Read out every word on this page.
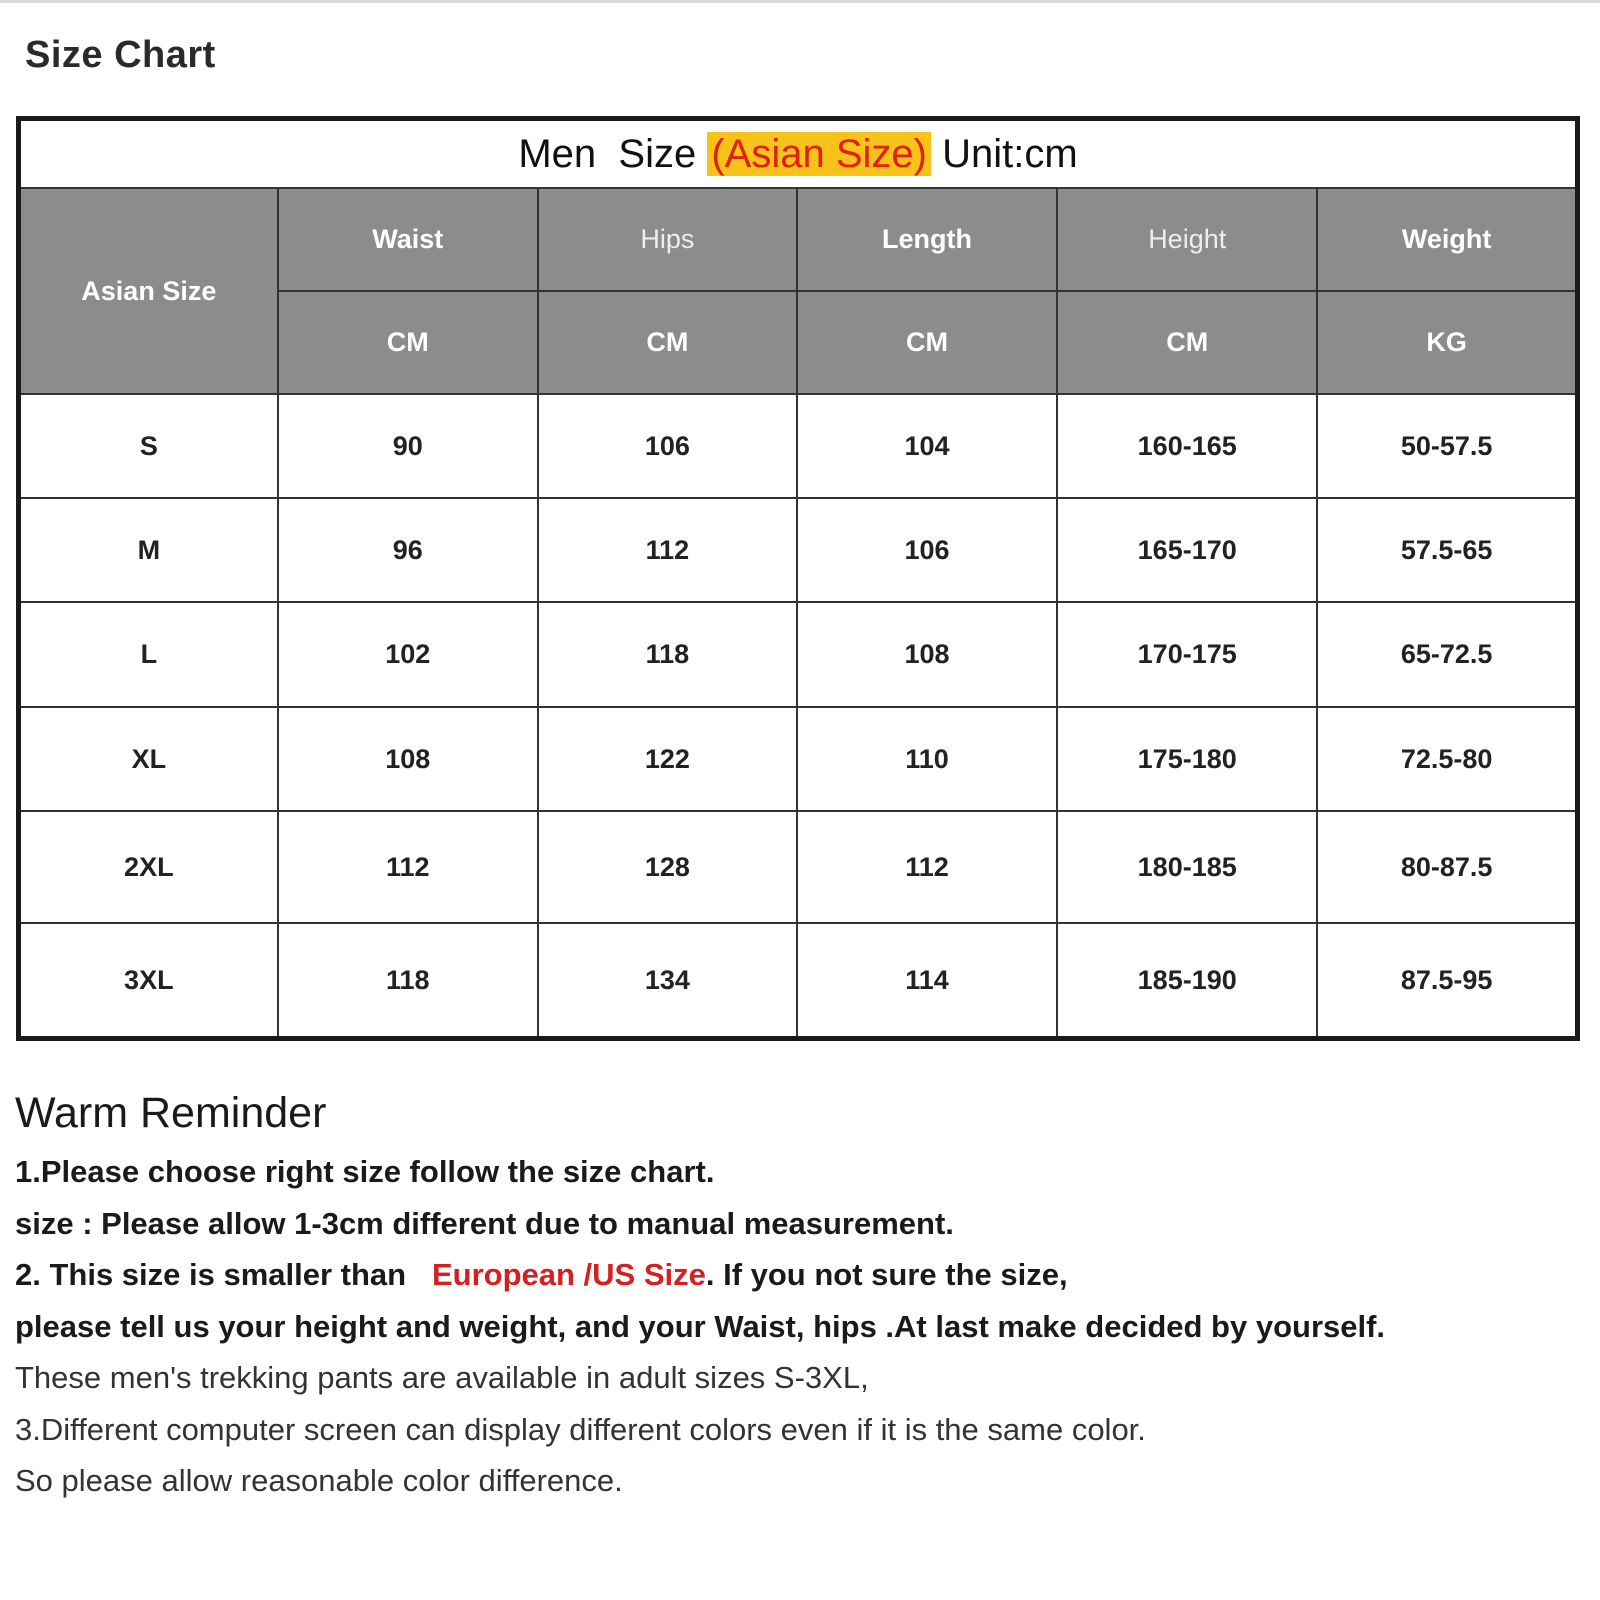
Size Chart
Men  Size (Asian Size) Unit:cm					
Asian Size	Waist	Hips	Length	Height	Weight
	CM	CM	CM	CM	KG
S	90	106	104	160-165	50-57.5
M	96	112	106	165-170	57.5-65
L	102	118	108	170-175	65-72.5
XL	108	122	110	175-180	72.5-80
2XL	112	128	112	180-185	80-87.5
3XL	118	134	114	185-190	87.5-95
Warm Reminder
1.Please choose right size follow the size chart.
size : Please allow 1-3cm different due to manual measurement.
2. This size is smaller than   European /US Size. If you not sure the size,
please tell us your height and weight, and your Waist, hips .At last make decided by yourself.
These men's trekking pants are available in adult sizes S-3XL,
3.Different computer screen can display different colors even if it is the same color.
So please allow reasonable color difference.
